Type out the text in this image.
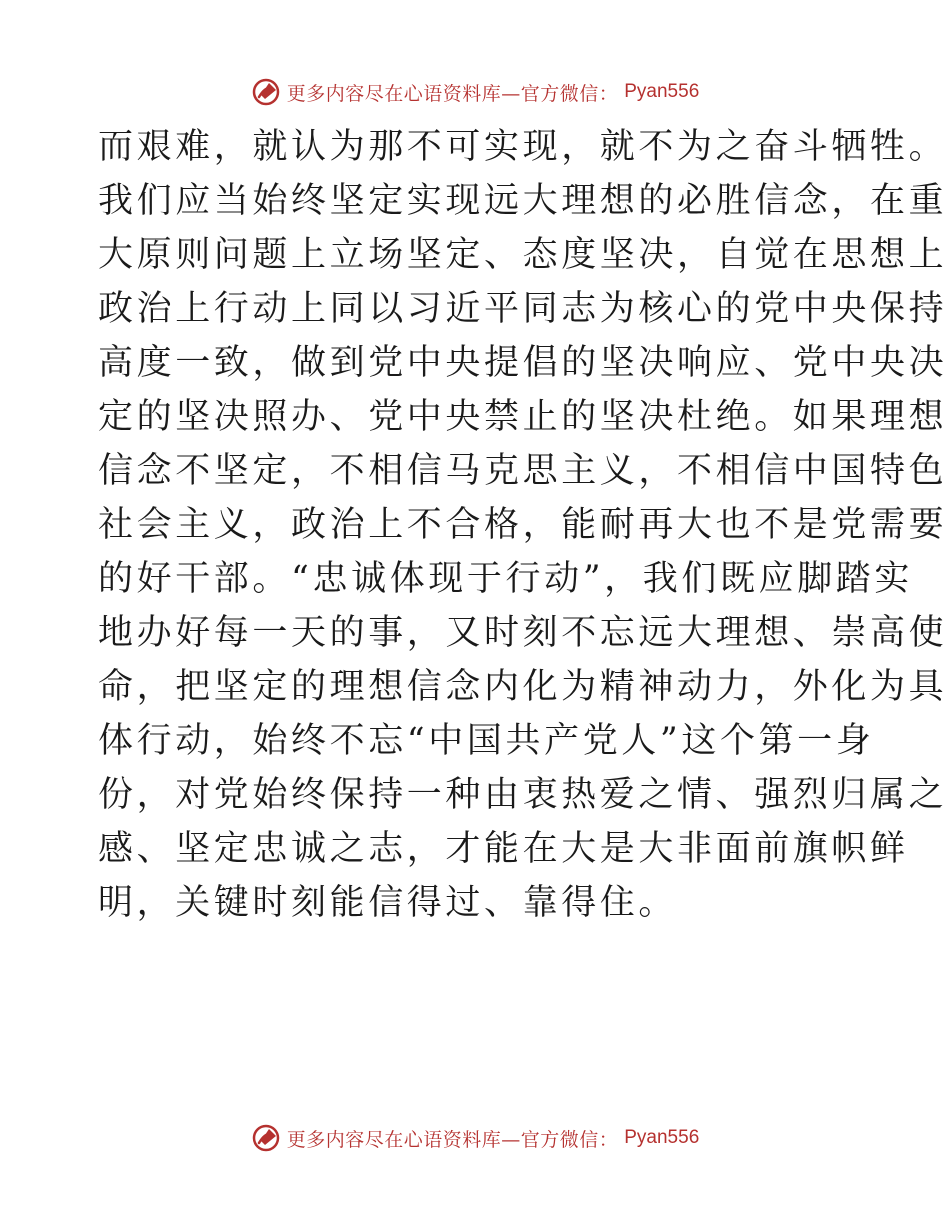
更多内容尽在心语资料库—官方微信： Pyan556
而艰难，就认为那不可实现，就不为之奋斗牺牲。
我们应当始终坚定实现远大理想的必胜信念，在重
大原则问题上立场坚定、态度坚决，自觉在思想上
政治上行动上同以习近平同志为核心的党中央保持
高度一致，做到党中央提倡的坚决响应、党中央决
定的坚决照办、党中央禁止的坚决杜绝。如果理想
信念不坚定，不相信马克思主义，不相信中国特色
社会主义，政治上不合格，能耐再大也不是党需要
的好干部。“忠诚体现于行动”，我们既应脚踏实
地办好每一天的事，又时刻不忘远大理想、崇高使
命，把坚定的理想信念内化为精神动力，外化为具
体行动，始终不忘“中国共产党人”这个第一身
份，对党始终保持一种由衷热爱之情、强烈归属之
感、坚定忠诚之志，才能在大是大非面前旗帜鲜
明，关键时刻能信得过、靠得住。
更多内容尽在心语资料库—官方微信： Pyan556
